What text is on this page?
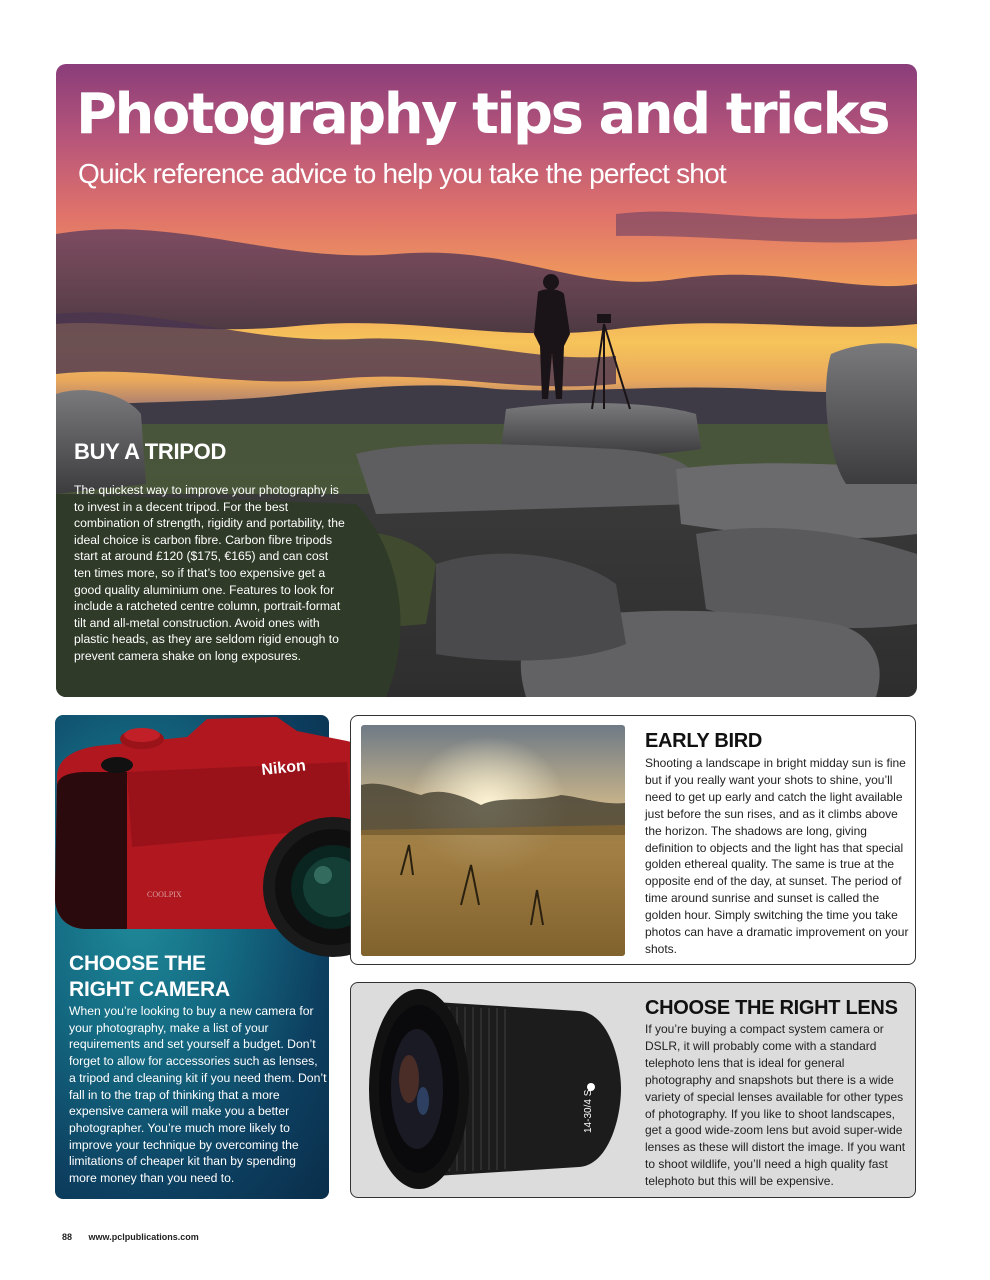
Photography tips and tricks
Quick reference advice to help you take the perfect shot
BUY A TRIPOD

The quickest way to improve your photography is to invest in a decent tripod. For the best combination of strength, rigidity and portability, the ideal choice is carbon fibre. Carbon fibre tripods start at around £120 ($175, €165) and can cost ten times more, so if that’s too expensive get a good quality aluminium one. Features to look for include a ratcheted centre column, portrait-format tilt and all-metal construction. Avoid ones with plastic heads, as they are seldom rigid enough to prevent camera shake on long exposures.

Nikon
COOLPIX
CHOOSE THE
RIGHT CAMERA

When you’re looking to buy a new camera for your photography, make a list of your requirements and set yourself a budget. Don’t forget to allow for accessories such as lenses, a tripod and cleaning kit if you need them. Don’t fall in to the trap of thinking that a more expensive camera will make you a better photographer. You’re much more likely to improve your technique by overcoming the limitations of cheaper kit than by spending more money than you need to.

EARLY BIRD

Shooting a landscape in bright midday sun is fine but if you really want your shots to shine, you’ll need to get up early and catch the light available just before the sun rises, and as it climbs above the horizon. The shadows are long, giving definition to objects and the light has that special golden ethereal quality. The same is true at the opposite end of the day, at sunset. The period of time around sunrise and sunset is called the golden hour. Simply switching the time you take photos can have a dramatic improvement on your shots.

14-30/4 S
CHOOSE THE RIGHT LENS

If you’re buying a compact system camera or DSLR, it will probably come with a standard telephoto lens that is ideal for general photography and snapshots but there is a wide variety of special lenses available for other types of photography. If you like to shoot landscapes, get a good wide-zoom lens but avoid super-wide lenses as these will distort the image. If you want to shoot wildlife, you’ll need a high quality fast telephoto but this will be expensive.

88 www.pclpublications.com
